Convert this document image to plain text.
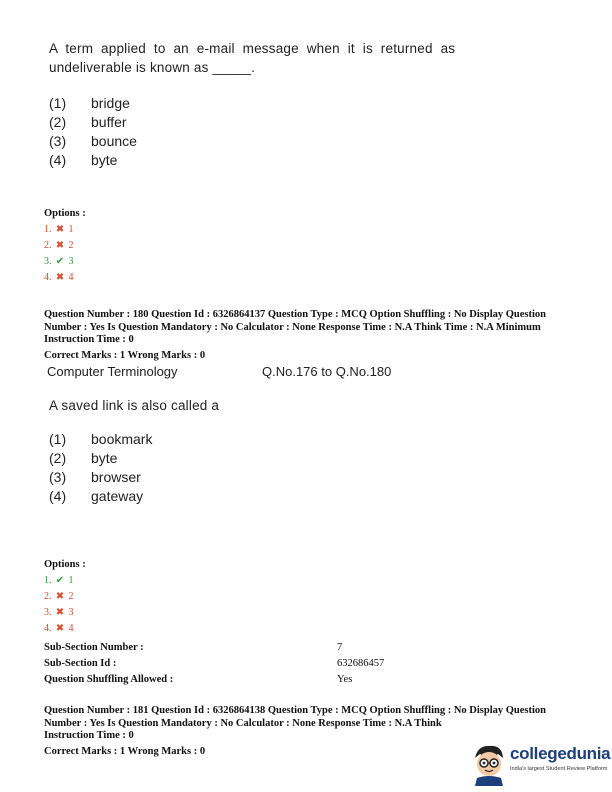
A  term  applied  to  an  e-mail  message  when  it  is  returned  as
undeliverable is known as _____.
(1) bridge
(2) buffer
(3) bounce
(4) byte
Options :
1. ✖ 1
2. ✖ 2
3. ✔ 3
4. ✖ 4
Question Number : 180 Question Id : 6326864137 Question Type : MCQ Option Shuffling : No Display Question
Number : Yes Is Question Mandatory : No Calculator : None Response Time : N.A Think Time : N.A Minimum
Instruction Time : 0
Correct Marks : 1 Wrong Marks : 0
Computer Terminology	Q.No.176 to Q.No.180
A saved link is also called a
(1) bookmark
(2) byte
(3) browser
(4) gateway
Options :
1. ✔ 1
2. ✖ 2
3. ✖ 3
4. ✖ 4
Sub-Section Number :	7
Sub-Section Id :	632686457
Question Shuffling Allowed :	Yes
Question Number : 181 Question Id : 6326864138 Question Type : MCQ Option Shuffling : No Display Question
Number : Yes Is Question Mandatory : No Calculator : None Response Time : N.A Think
Instruction Time : 0
Correct Marks : 1 Wrong Marks : 0	collegedunia
India's largest Student Review Platform
